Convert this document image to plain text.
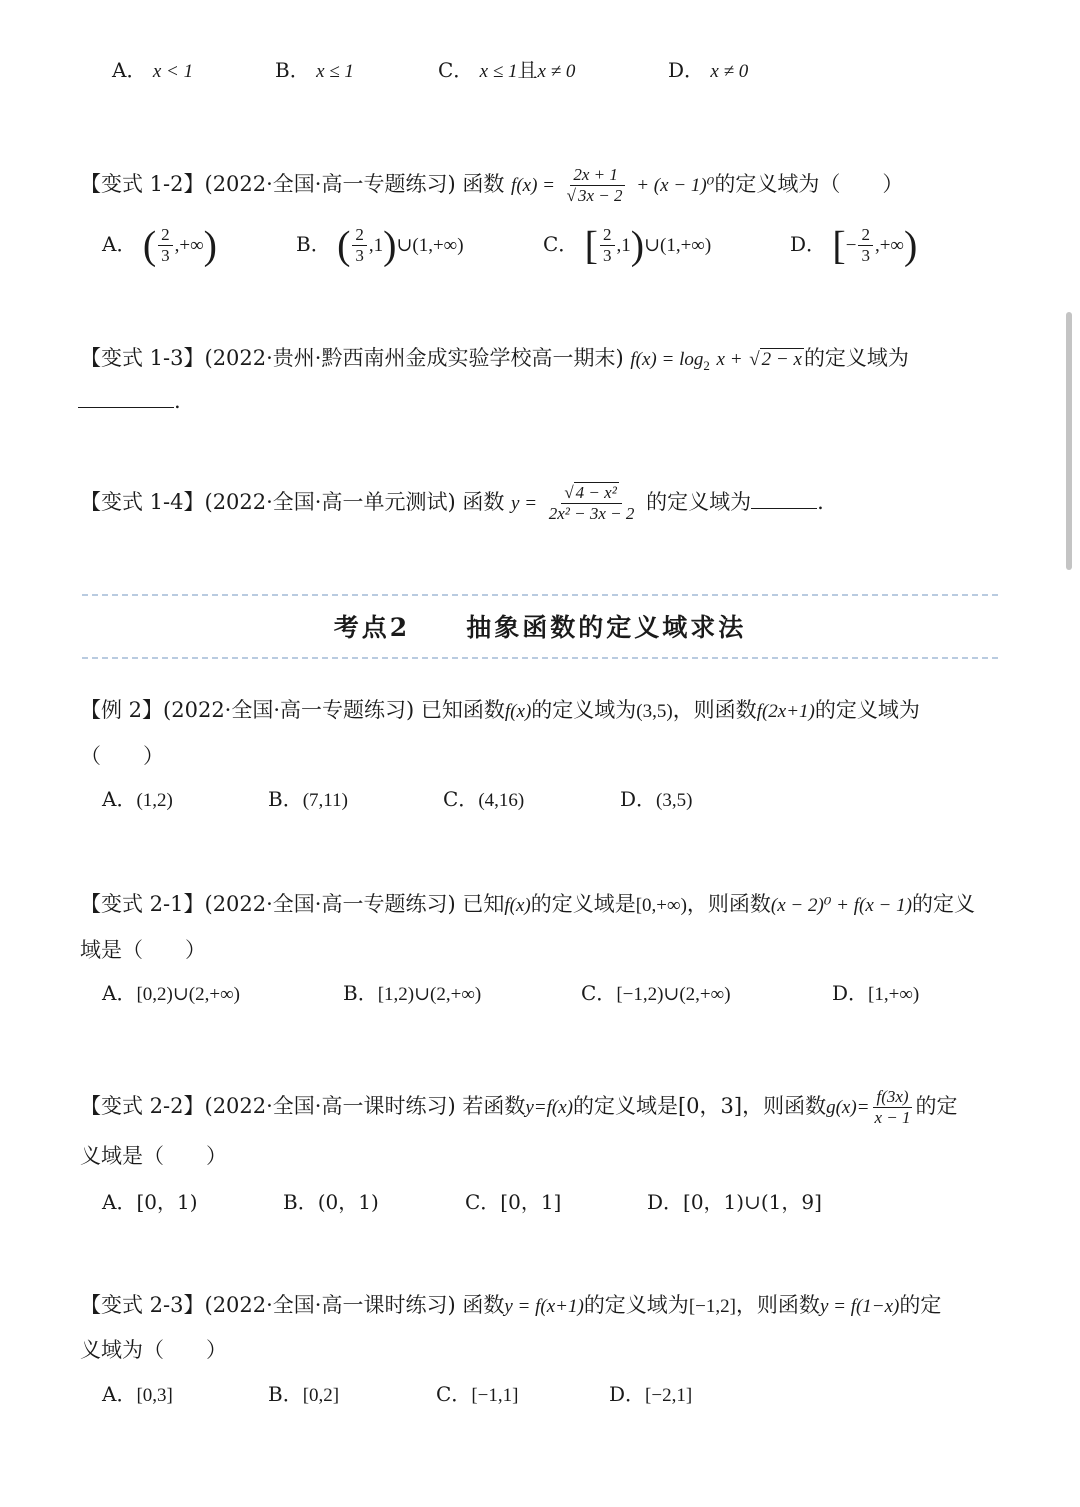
A． x < 1	B． x ≤ 1	C． x ≤ 1且x ≠ 0	D． x ≠ 0
【变式 1-2】(2022·全国·高一专题练习) 函数 $f(x) = \frac{2x + 1}{√ 3x - 2} + (x - 1)^0$的定义域为（　　）
A． ( $\frac{2}{3}$ ,+∞)	B． ( $\frac{2}{3}$ ,1)∪(1,+∞)	C． [ $\frac{2}{3}$ ,1)∪(1,+∞)	D． [− $\frac{2}{3}$ ,+∞)
【变式 1-3】(2022·贵州·黔西南州金成实验学校高一期末) $f(x) = \log_2 x$ + √ 2 − x的定义域为
.
【变式 1-4】(2022·全国·高一单元测试) 函数 $y = \frac{\text{√ 4 − x²}}{\text{2x² − 3x − 2}}$ 的定义域为	.
考点2　　抽象函数的定义域求法
【例 2】(2022·全国·高一专题练习) 已知函数f(x)的定义域为(3,5)，则函数f(2x+1)的定义域为
（　　）
A．(1,2)	B．(7,11)	C．(4,16)	D．(3,5)
【变式 2-1】(2022·全国·高一专题练习) 已知f(x)的定义域是[0,+∞)，则函数(x − 2)⁰ + f(x − 1)的定义
域是（　　）
A．[0,2)∪(2,+∞)	B．[1,2)∪(2,+∞)	C．[−1,2)∪(2,+∞)	D．[1,+∞)
【变式 2-2】(2022·全国·高一课时练习) 若函数y=f(x)的定义域是[0，3]，则函数$g(x)= \frac{f(3x)}{x - 1}$ 的定
义域是（　　）
A．[0，1)	B．(0，1)	C．[0，1]	D．[0，1)∪(1，9]
【变式 2-3】(2022·全国·高一课时练习) 函数y = f(x+1)的定义域为[−1,2]，则函数y = f(1−x)的定
义域为（　　）
A．[0,3]	B．[0,2]	C．[−1,1]	D．[−2,1]
